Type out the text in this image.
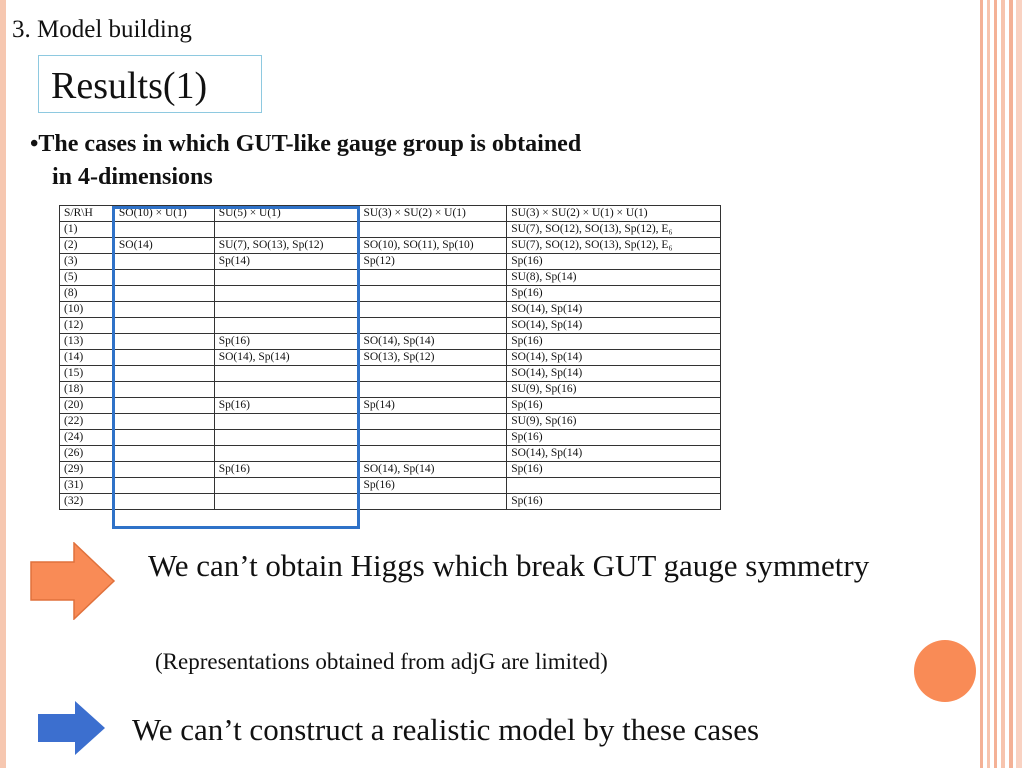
3. Model building
Results(1)
•The cases in which GUT-like gauge group is obtained
in 4-dimensions
S/R\H	SO(10) × U(1)	SU(5) × U(1)	SU(3) × SU(2) × U(1)	SU(3) × SU(2) × U(1) × U(1)
(1)				SU(7), SO(12), SO(13), Sp(12), E₆
(2)	SO(14)	SU(7), SO(13), Sp(12)	SO(10), SO(11), Sp(10)	SU(7), SO(12), SO(13), Sp(12), E₆
(3)		Sp(14)	Sp(12)	Sp(16)
(5)				SU(8), Sp(14)
(8)				Sp(16)
(10)				SO(14), Sp(14)
(12)				SO(14), Sp(14)
(13)		Sp(16)	SO(14), Sp(14)	Sp(16)
(14)		SO(14), Sp(14)	SO(13), Sp(12)	SO(14), Sp(14)
(15)				SO(14), Sp(14)
(18)				SU(9), Sp(16)
(20)		Sp(16)	Sp(14)	Sp(16)
(22)				SU(9), Sp(16)
(24)				Sp(16)
(26)				SO(14), Sp(14)
(29)		Sp(16)	SO(14), Sp(14)	Sp(16)
(31)			Sp(16)	
(32)				Sp(16)
We can’t obtain Higgs which break GUT gauge symmetry
(Representations obtained from adjG are limited)
We can’t construct a realistic model by these cases
